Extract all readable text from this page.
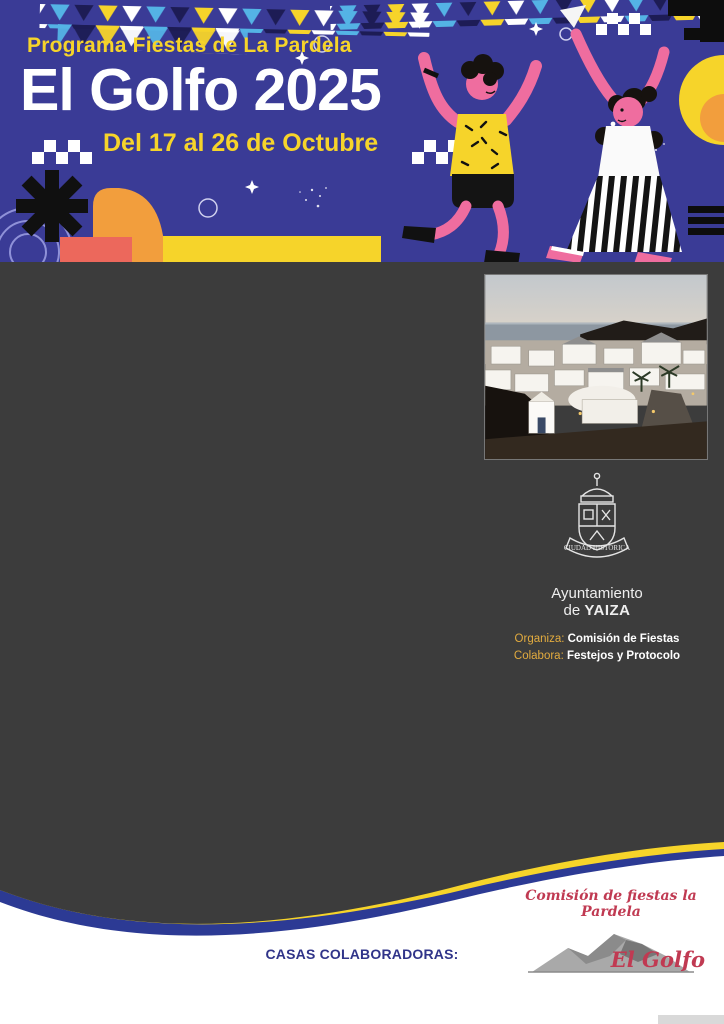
Programa Fiestas de La Pardela
El Golfo 2025
Del 17 al 26 de Octubre
CIUDAD HISTÓRICA
Ayuntamiento
de YAIZA
Organiza: Comisión de Fiestas
Colabora: Festejos y Protocolo
Comisión de fiestas la Pardela
El Golfo
CASAS COLABORADORAS:
